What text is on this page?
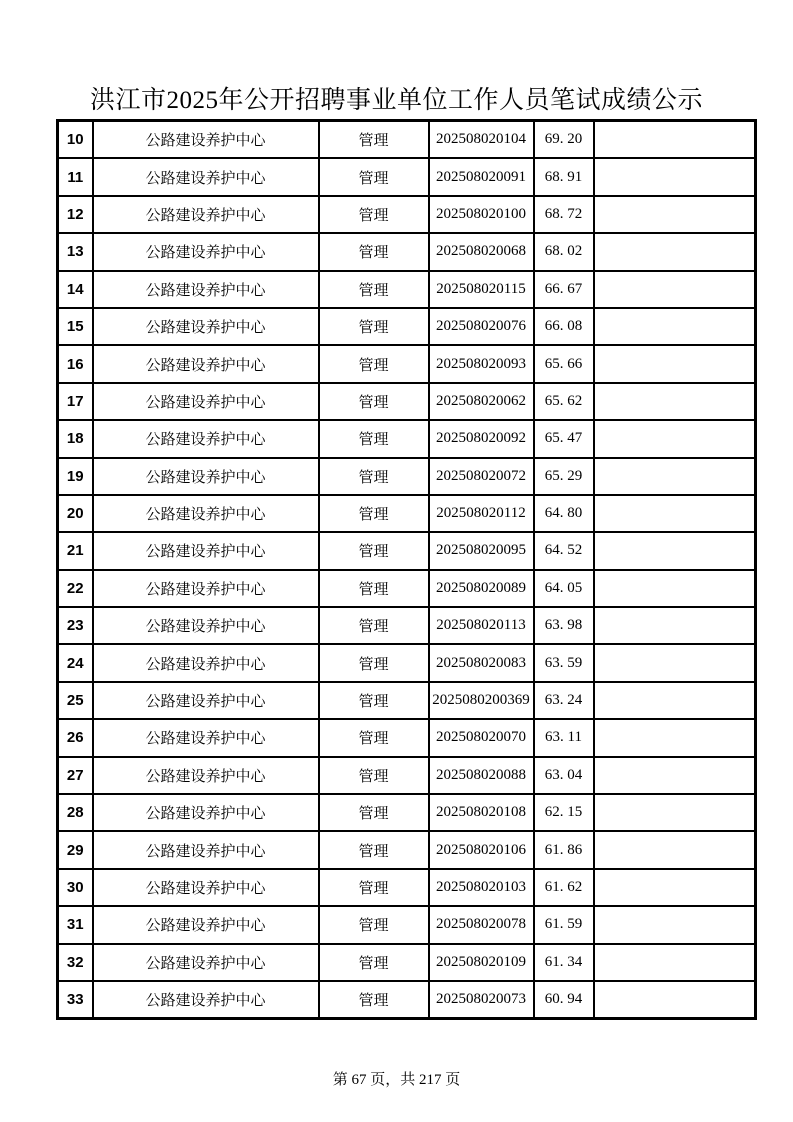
洪江市2025年公开招聘事业单位工作人员笔试成绩公示
10	公路建设养护中心	管理	202508020104	69. 20	
11	公路建设养护中心	管理	202508020091	68. 91	
12	公路建设养护中心	管理	202508020100	68. 72	
13	公路建设养护中心	管理	202508020068	68. 02	
14	公路建设养护中心	管理	202508020115	66. 67	
15	公路建设养护中心	管理	202508020076	66. 08	
16	公路建设养护中心	管理	202508020093	65. 66	
17	公路建设养护中心	管理	202508020062	65. 62	
18	公路建设养护中心	管理	202508020092	65. 47	
19	公路建设养护中心	管理	202508020072	65. 29	
20	公路建设养护中心	管理	202508020112	64. 80	
21	公路建设养护中心	管理	202508020095	64. 52	
22	公路建设养护中心	管理	202508020089	64. 05	
23	公路建设养护中心	管理	202508020113	63. 98	
24	公路建设养护中心	管理	202508020083	63. 59	
25	公路建设养护中心	管理	2025080200369	63. 24	
26	公路建设养护中心	管理	202508020070	63. 11	
27	公路建设养护中心	管理	202508020088	63. 04	
28	公路建设养护中心	管理	202508020108	62. 15	
29	公路建设养护中心	管理	202508020106	61. 86	
30	公路建设养护中心	管理	202508020103	61. 62	
31	公路建设养护中心	管理	202508020078	61. 59	
32	公路建设养护中心	管理	202508020109	61. 34	
33	公路建设养护中心	管理	202508020073	60. 94	
第 67 页，共 217 页
